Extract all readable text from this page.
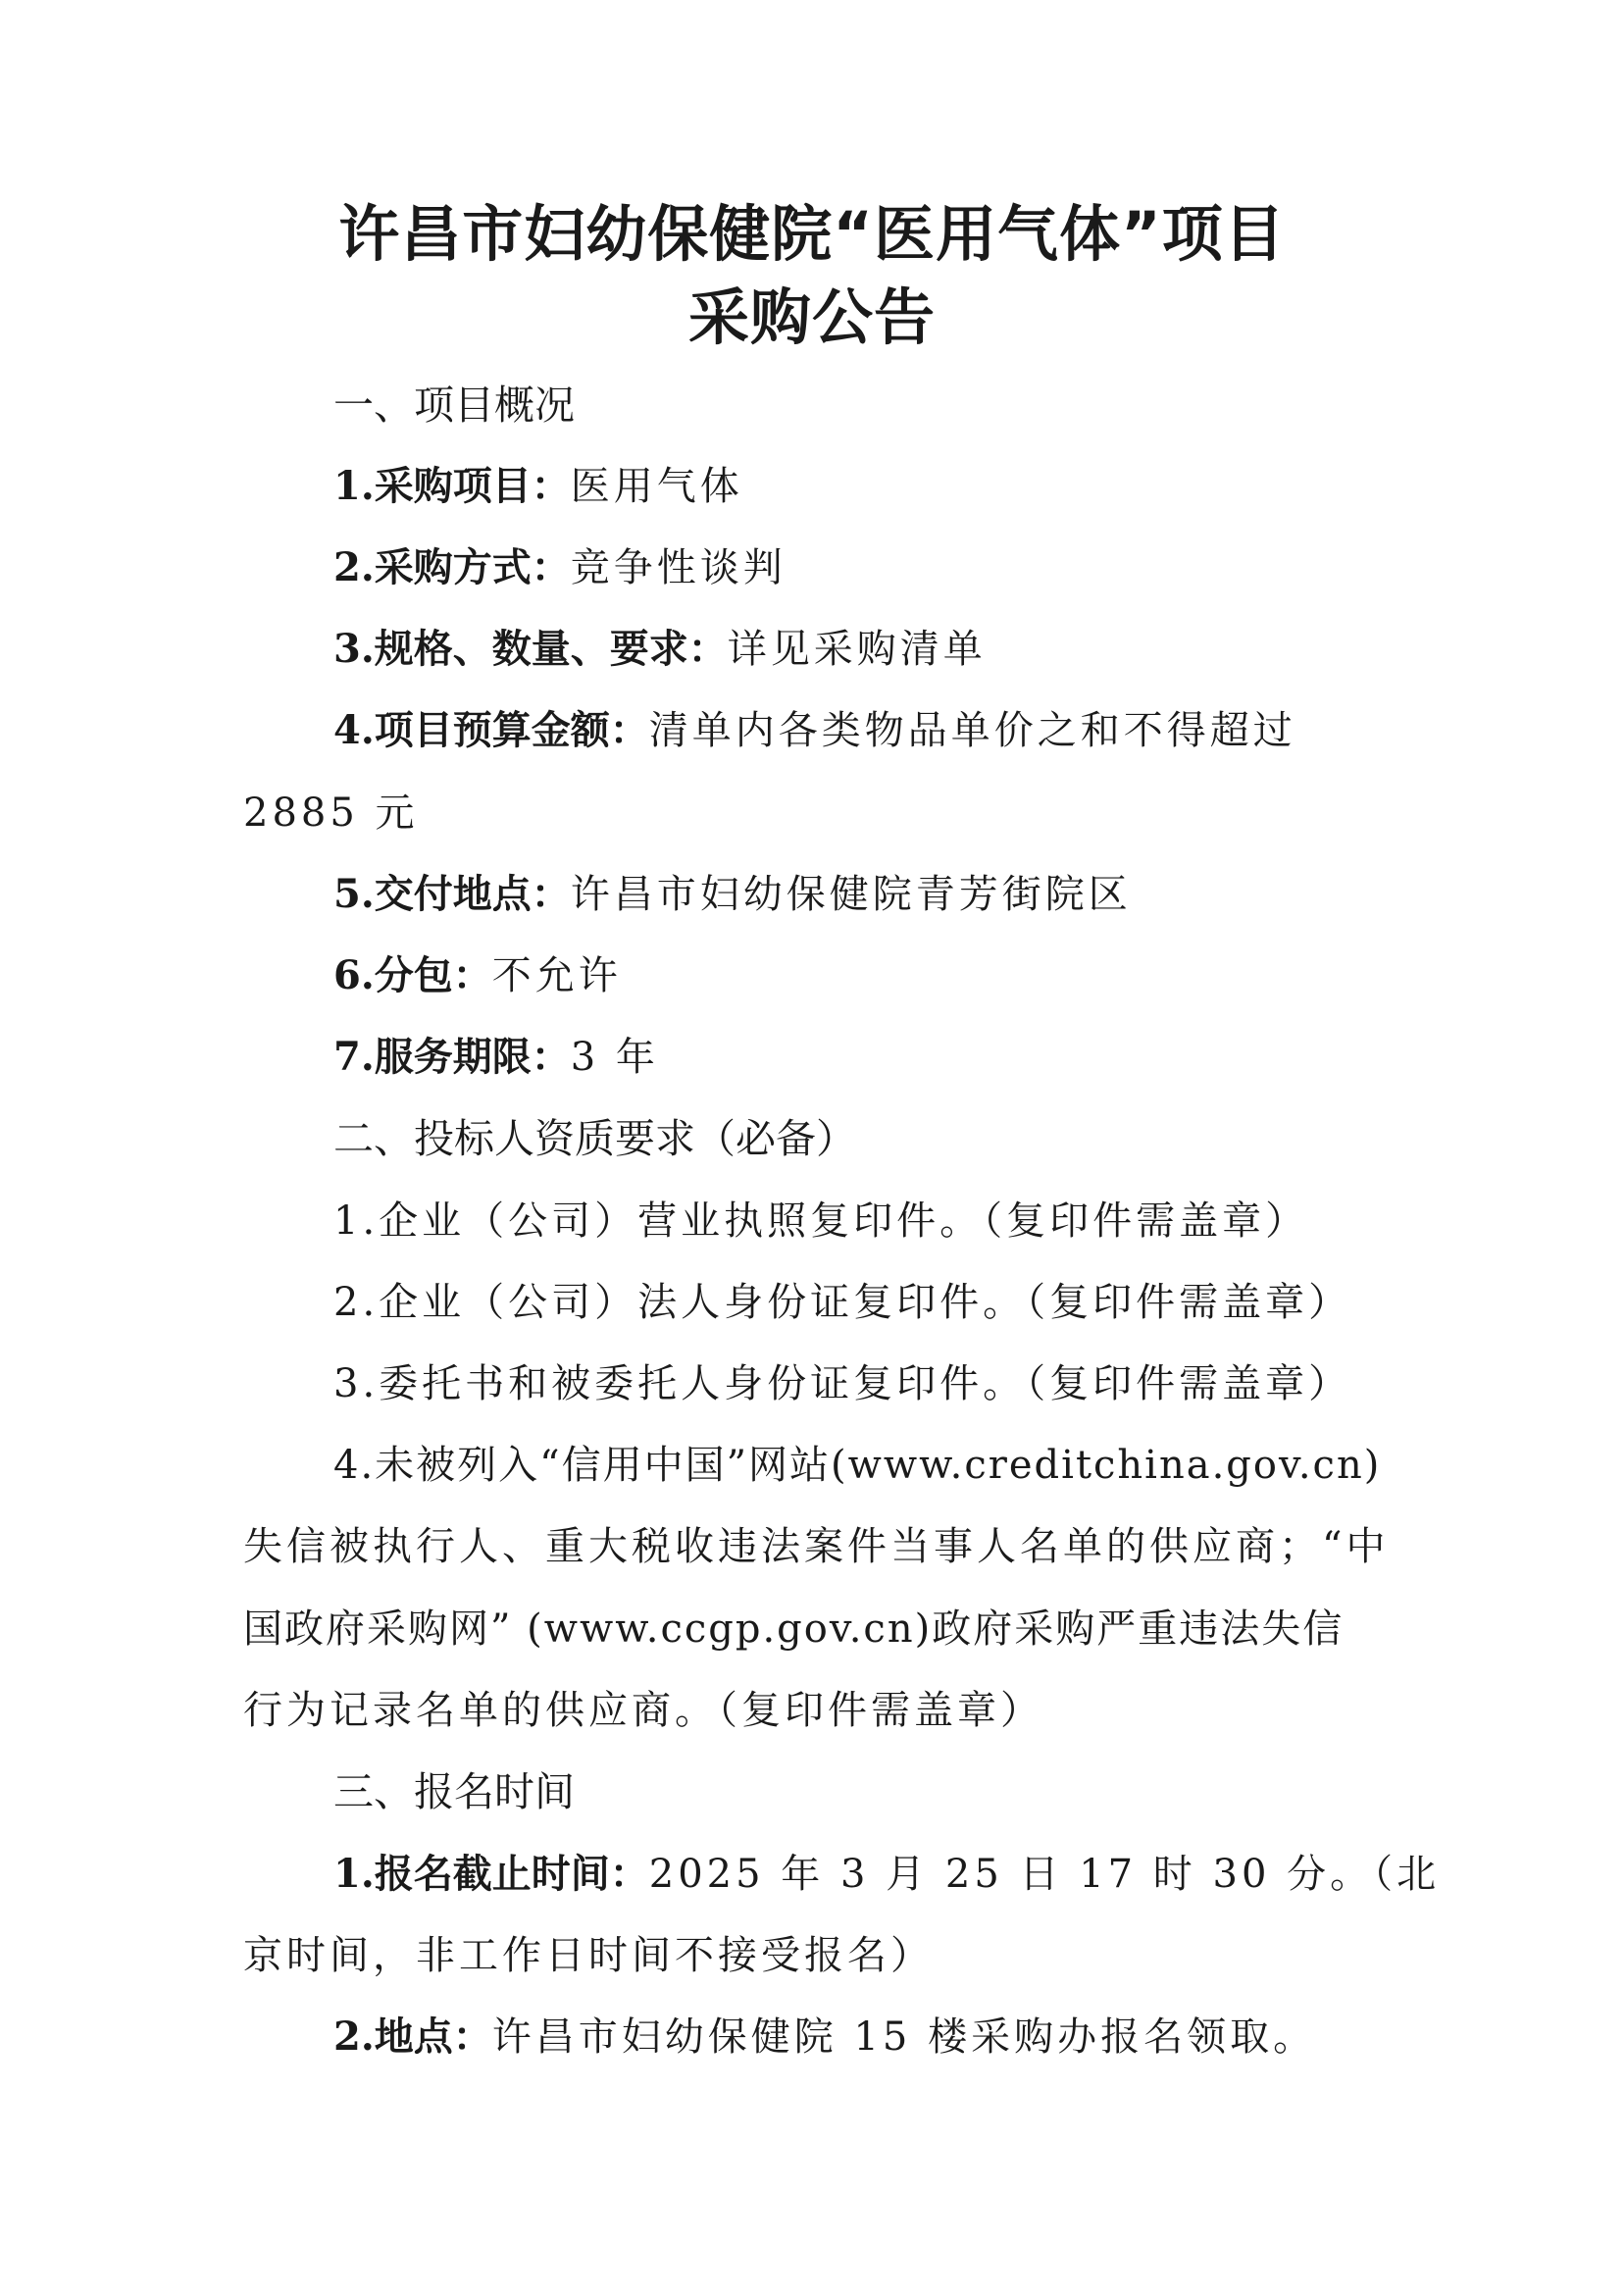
许昌市妇幼保健院“医用气体”项目
采购公告
一、项目概况
1.采购项目：医用气体
2.采购方式：竞争性谈判
3.规格、数量、要求：详见采购清单
4.项目预算金额：清单内各类物品单价之和不得超过
2885 元
5.交付地点：许昌市妇幼保健院青芳街院区
6.分包：不允许
7.服务期限：3 年
二、投标人资质要求（必备）
1.企业（公司）营业执照复印件。（复印件需盖章）
2.企业（公司）法人身份证复印件。（复印件需盖章）
3.委托书和被委托人身份证复印件。（复印件需盖章）
4.未被列入“信用中国”网站(www.creditchina.gov.cn)
失信被执行人、重大税收违法案件当事人名单的供应商；“中
国政府采购网” (www.ccgp.gov.cn)政府采购严重违法失信
行为记录名单的供应商。（复印件需盖章）
三、报名时间
1.报名截止时间：2025 年 3 月 25 日 17 时 30 分。（北
京时间，非工作日时间不接受报名）
2.地点：许昌市妇幼保健院 15 楼采购办报名领取。
